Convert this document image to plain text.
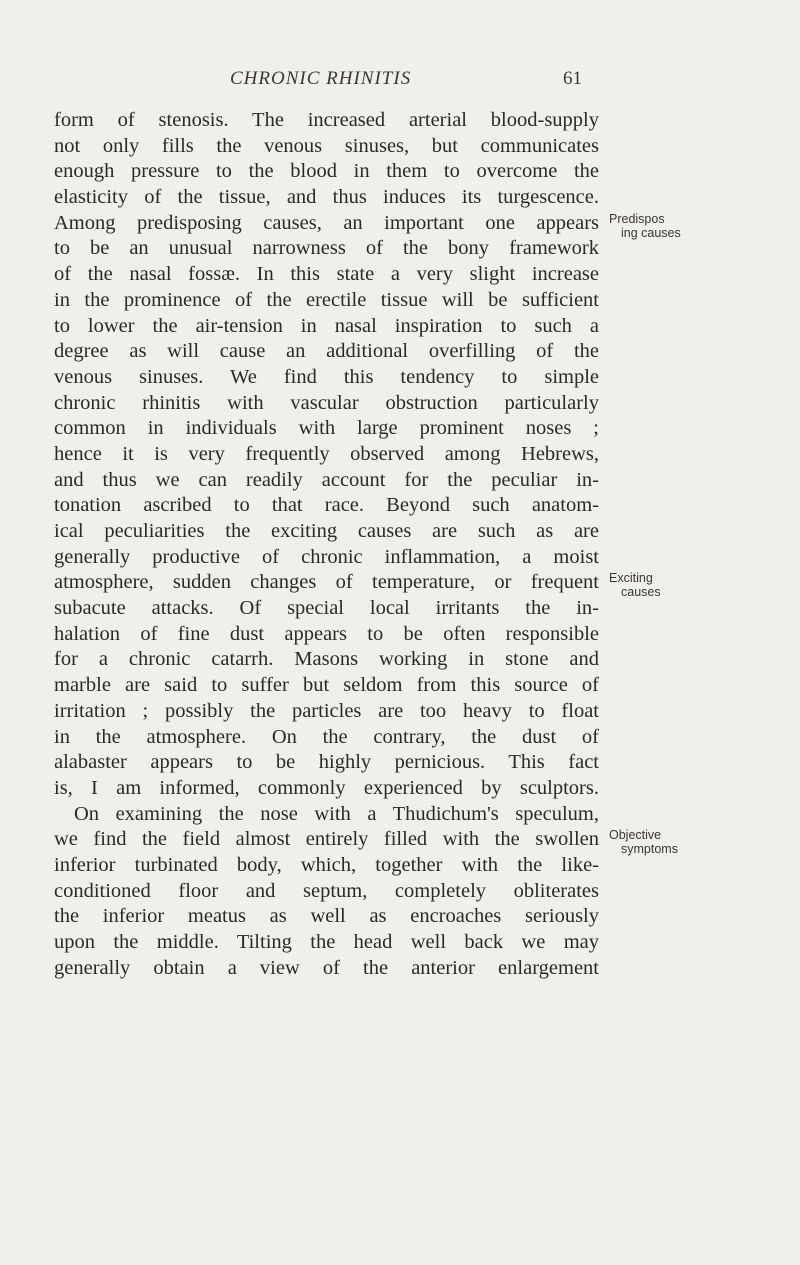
CHRONIC RHINITIS	61
form of stenosis. The increased arterial blood-supply
not only fills the venous sinuses, but communicates
enough pressure to the blood in them to overcome the
elasticity of the tissue, and thus induces its turgescence.
Among predisposing causes, an important one appears
to be an unusual narrowness of the bony framework
of the nasal fossæ. In this state a very slight increase
in the prominence of the erectile tissue will be sufficient
to lower the air-tension in nasal inspiration to such a
degree as will cause an additional overfilling of the
venous sinuses. We find this tendency to simple
chronic rhinitis with vascular obstruction particularly
common in individuals with large prominent noses ;
hence it is very frequently observed among Hebrews,
and thus we can readily account for the peculiar in-
tonation ascribed to that race. Beyond such anatom-
ical peculiarities the exciting causes are such as are
generally productive of chronic inflammation, a moist
atmosphere, sudden changes of temperature, or frequent
subacute attacks. Of special local irritants the in-
halation of fine dust appears to be often responsible
for a chronic catarrh. Masons working in stone and
marble are said to suffer but seldom from this source of
irritation ; possibly the particles are too heavy to float
in the atmosphere. On the contrary, the dust of
alabaster appears to be highly pernicious. This fact
is, I am informed, commonly experienced by sculptors.
On examining the nose with a Thudichum's speculum,
we find the field almost entirely filled with the swollen
inferior turbinated body, which, together with the like-
conditioned floor and septum, completely obliterates
the inferior meatus as well as encroaches seriously
upon the middle. Tilting the head well back we may
generally obtain a view of the anterior enlargement
Predispos
ing causes
Exciting
causes
Objective
symptoms
